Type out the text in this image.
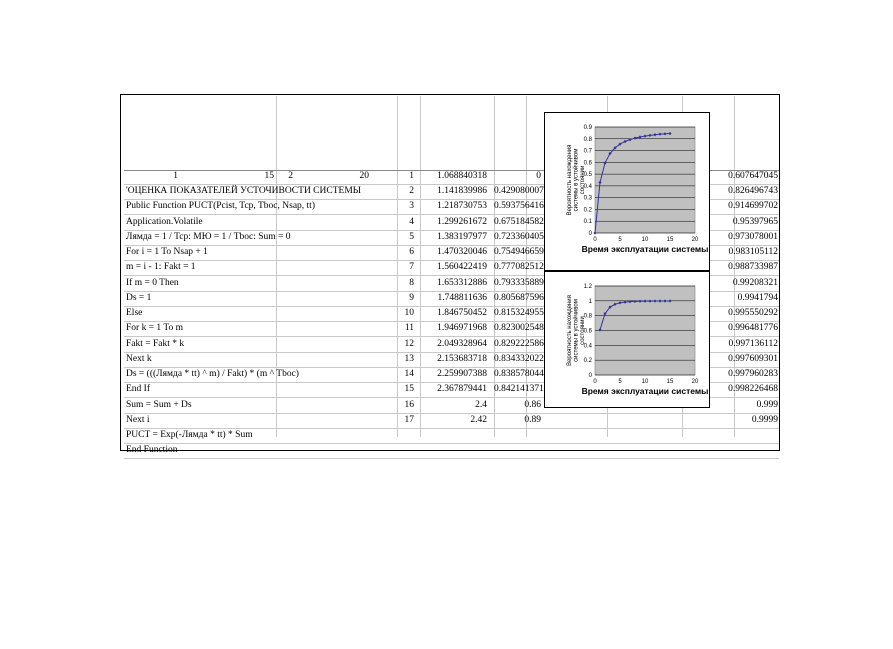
1	15	2	20	1	1.068840318	0	0.607647045
'ОЦЕНКА ПОКАЗАТЕЛЕЙ УСТОЧИВОСТИ СИСТЕМЫ	2	1.141839986 0.429080007	0.826496743
Public Function PUCT(Pcist, Tcp, Tboc, Nsap, tt)	3	1.218730753 0.593756416	0.914699702
Application.Volatile	4	1.299261672 0.675184582	0.95397965
Лямда = 1 / Tcp: МЮ = 1 / Tboc: Sum = 0	5	1.383197977 0.723360405	0.973078001
For i = 1 To Nsap + 1	6	1.470320046 0.754946659	0.983105112
m = i - 1: Fakt = 1	7	1.560422419 0.777082512	0.988733987
If m = 0 Then	8	1.653312886 0.793335889	0.99208321
Ds = 1	9	1.748811636 0.805687596	0.9941794
Else	10	1.846750452 0.815324955	0.995550292
For k = 1 To m	11	1.946971968 0.823002548	0.996481776
Fakt = Fakt * k	12	2.049328964 0.829222586	0.997136112
Next k	13	2.153683718 0.834332022	0.997609301
Ds = (((Лямда * tt) ^ m) / Fakt) * (m ^ Tboc)	14	2.259907388 0.838578044	0.997960283
End If	15	2.367879441 0.842141371	0.998226468
Sum = Sum + Ds	16	2.4	0.86	0.999
Next i	17	2.42	0.89	0.9999
PUCT = Exp(-Лямда * tt) * Sum
End Function
0
0.1
0.2
0.3
0.4
0.5
0.6
0.7
0.8
0.9
0	5	10	15	20
Вероятность нахождениясистемы в устойчивомсостоянии
Время эксплуатации системы
0
0.2
0.4
0.6
0.8
1
1.2
0	5	10	15	20
Вероятность нахождениясистемы в устойчивомсостоянии
Время эксплуатации системы
